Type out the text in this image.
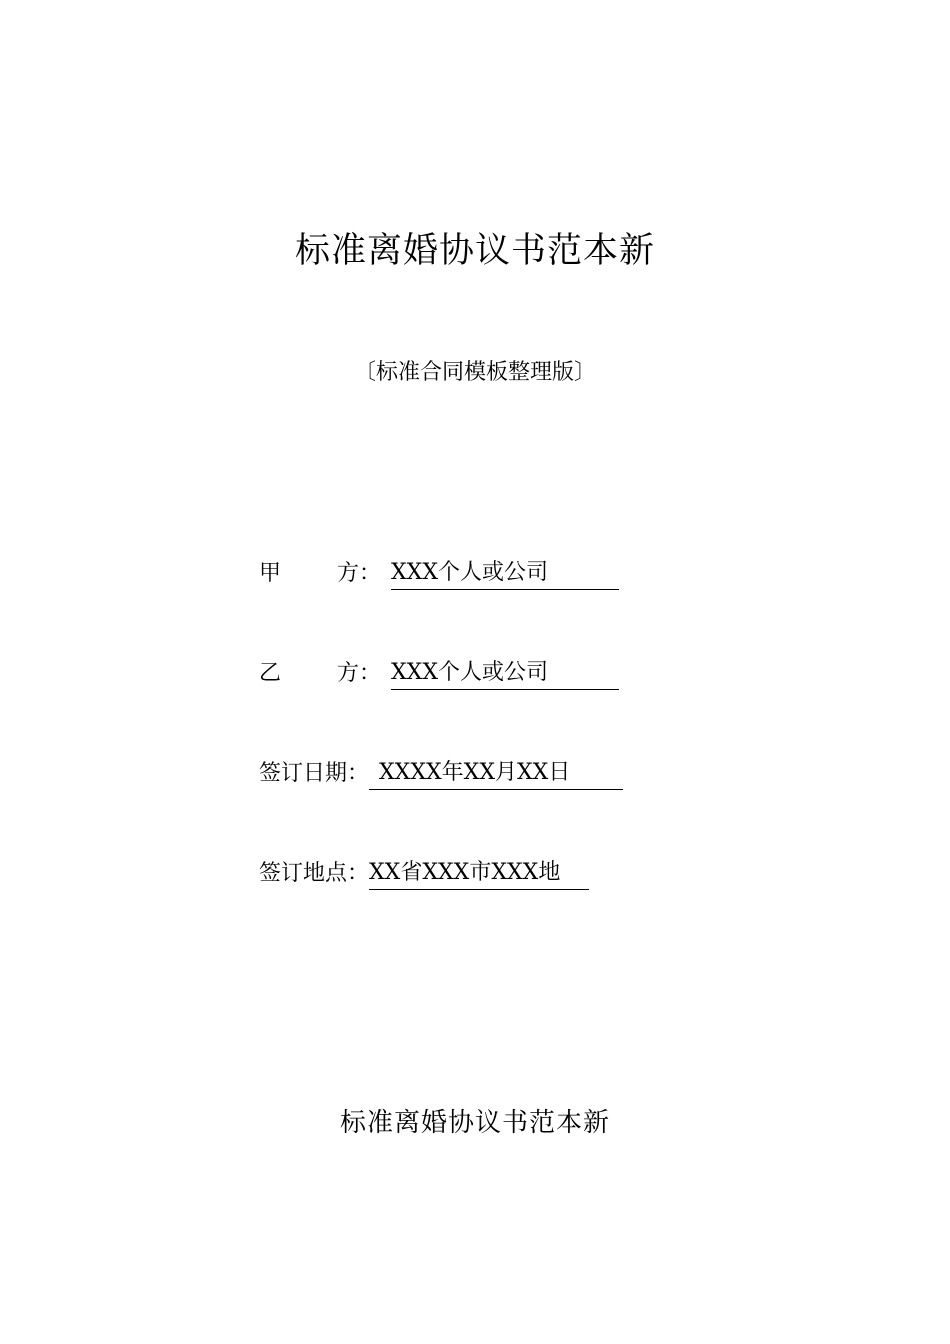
标准离婚协议书范本新
〔标准合同模板整理版〕
甲	方： XXX个人或公司
乙	方： XXX个人或公司
签订日期： XXXX年XX月XX日
签订地点：XX省XXX市XXX地
标准离婚协议书范本新
